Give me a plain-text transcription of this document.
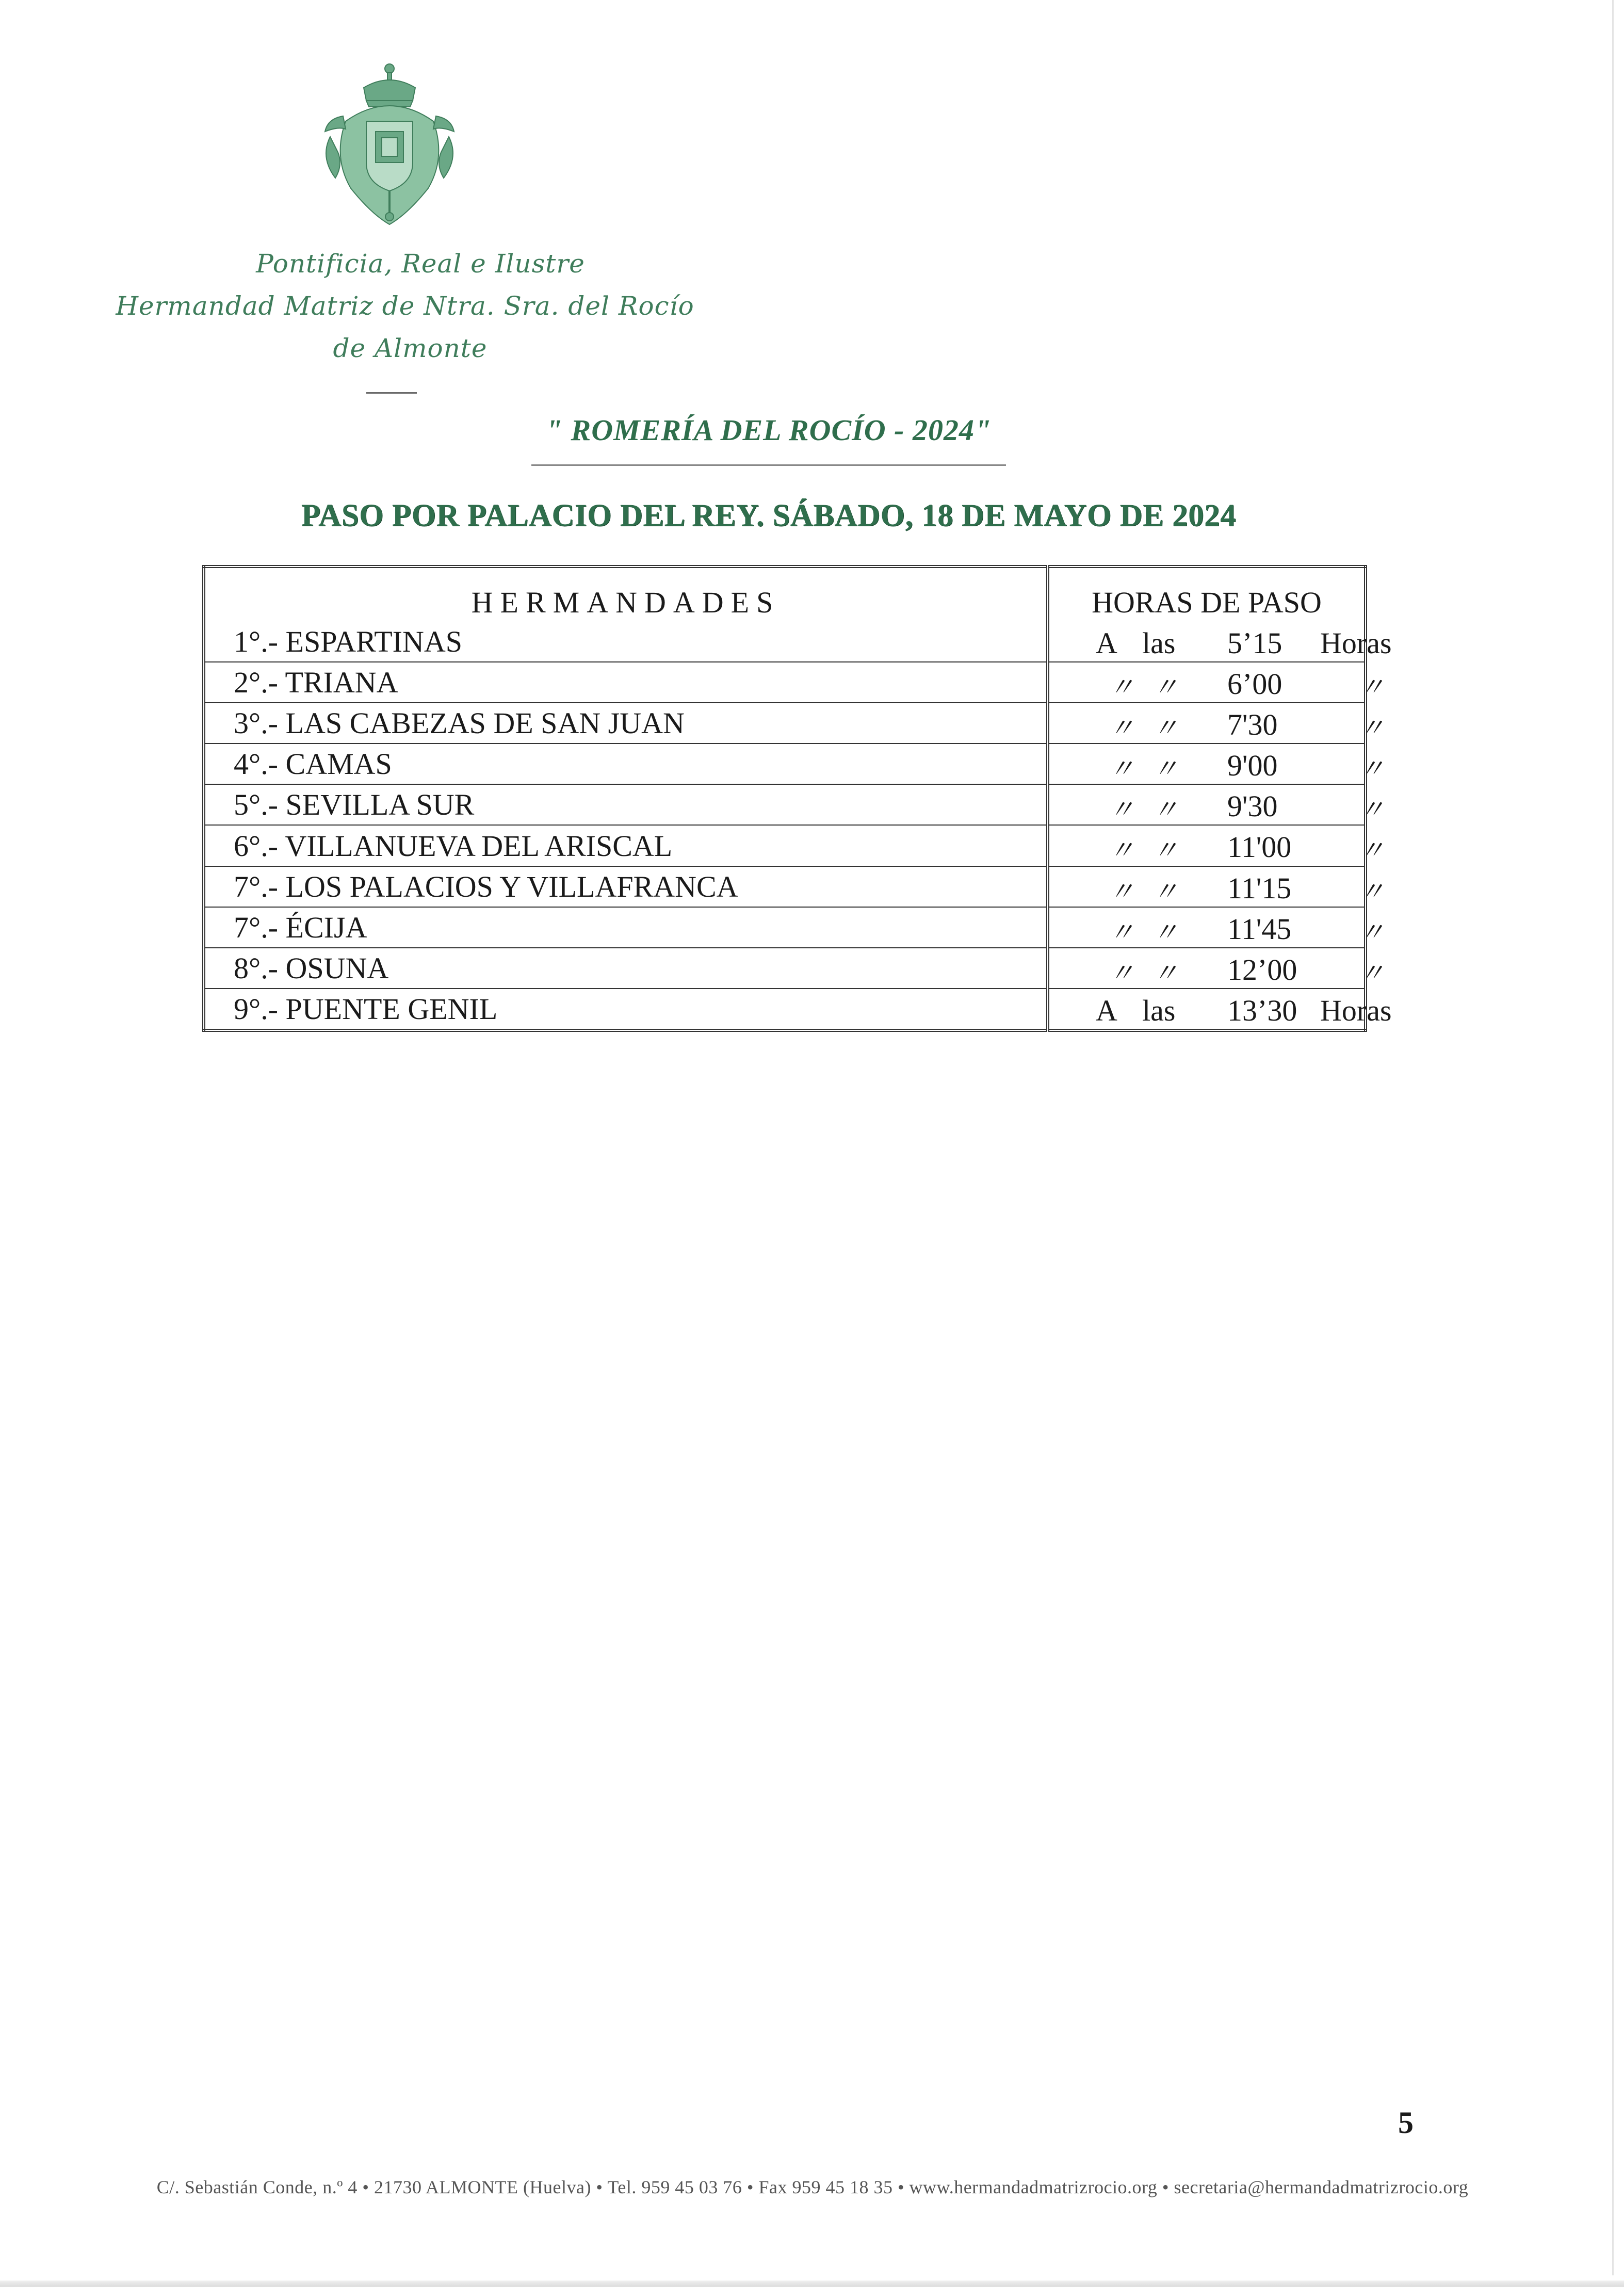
Pontificia, Real e Ilustre
Hermandad Matriz de Ntra. Sra. del Rocío
de Almonte
" ROMERÍA DEL ROCÍO - 2024"
PASO POR PALACIO DEL REY. SÁBADO, 18 DE MAYO DE 2024
HERMANDADES	HORAS DE PASO
1°.- ESPARTINAS	A las 5’15 Horas

2°.- TRIANA	〃 〃 6’00 〃

3°.- LAS CABEZAS DE SAN JUAN	〃 〃 7'30 〃

4°.- CAMAS	〃 〃 9'00 〃

5°.- SEVILLA SUR	〃 〃 9'30 〃

6°.- VILLANUEVA DEL ARISCAL	〃 〃 11'00 〃

7°.- LOS PALACIOS Y VILLAFRANCA	〃 〃 11'15 〃

7°.- ÉCIJA	〃 〃 11'45 〃

8°.- OSUNA	〃 〃 12’00 〃

9°.- PUENTE GENIL	A las 13’30 Horas
5
C/. Sebastián Conde, n.º 4 • 21730 ALMONTE (Huelva) • Tel. 959 45 03 76 • Fax 959 45 18 35 • www.hermandadmatrizrocio.org • secretaria@hermandadmatrizrocio.org
